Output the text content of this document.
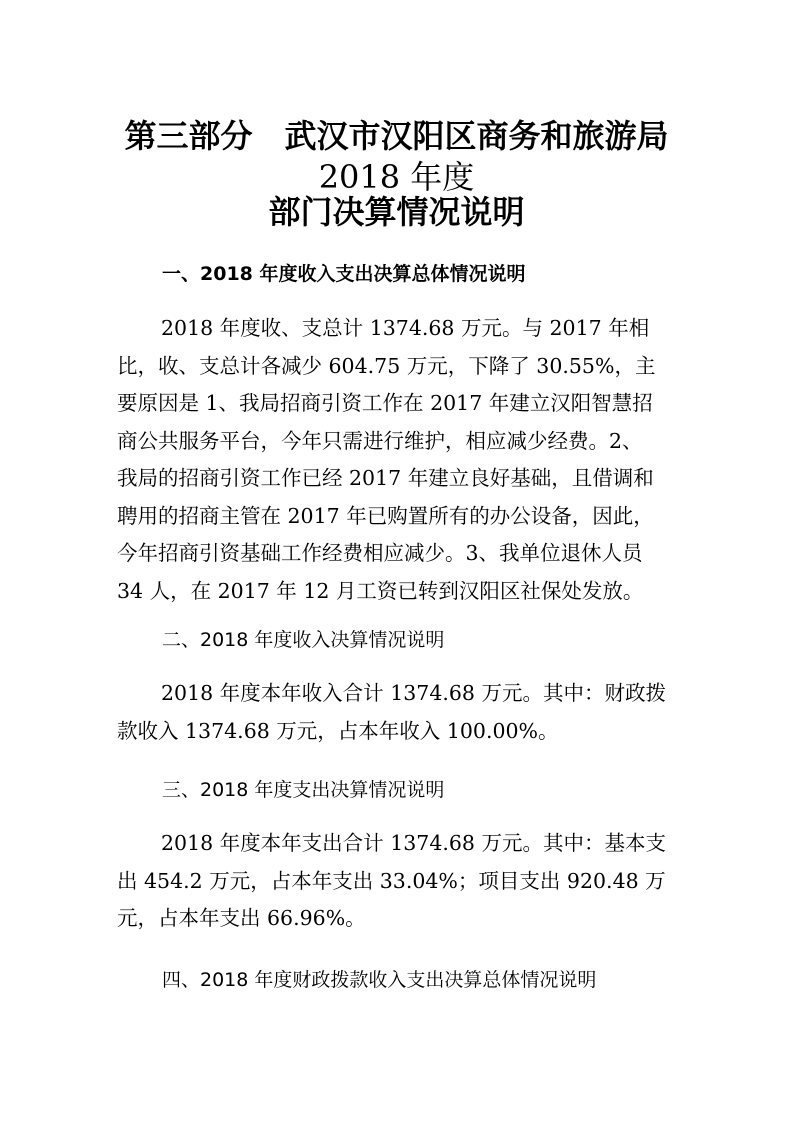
第三部分　武汉市汉阳区商务和旅游局
2018 年度
部门决算情况说明
一、2018 年度收入支出决算总体情况说明
2018 年度收、支总计 1374.68 万元。与 2017 年相
比，收、支总计各减少 604.75 万元，下降了 30.55%，主
要原因是 1、我局招商引资工作在 2017 年建立汉阳智慧招
商公共服务平台，今年只需进行维护，相应减少经费。2、
我局的招商引资工作已经 2017 年建立良好基础，且借调和
聘用的招商主管在 2017 年已购置所有的办公设备，因此，
今年招商引资基础工作经费相应减少。3、我单位退休人员
34 人，在 2017 年 12 月工资已转到汉阳区社保处发放。
二、2018 年度收入决算情况说明
2018 年度本年收入合计 1374.68 万元。其中：财政拨
款收入 1374.68 万元，占本年收入 100.00%。
三、2018 年度支出决算情况说明
2018 年度本年支出合计 1374.68 万元。其中：基本支
出 454.2 万元，占本年支出 33.04%；项目支出 920.48 万
元，占本年支出 66.96%。
四、2018 年度财政拨款收入支出决算总体情况说明
